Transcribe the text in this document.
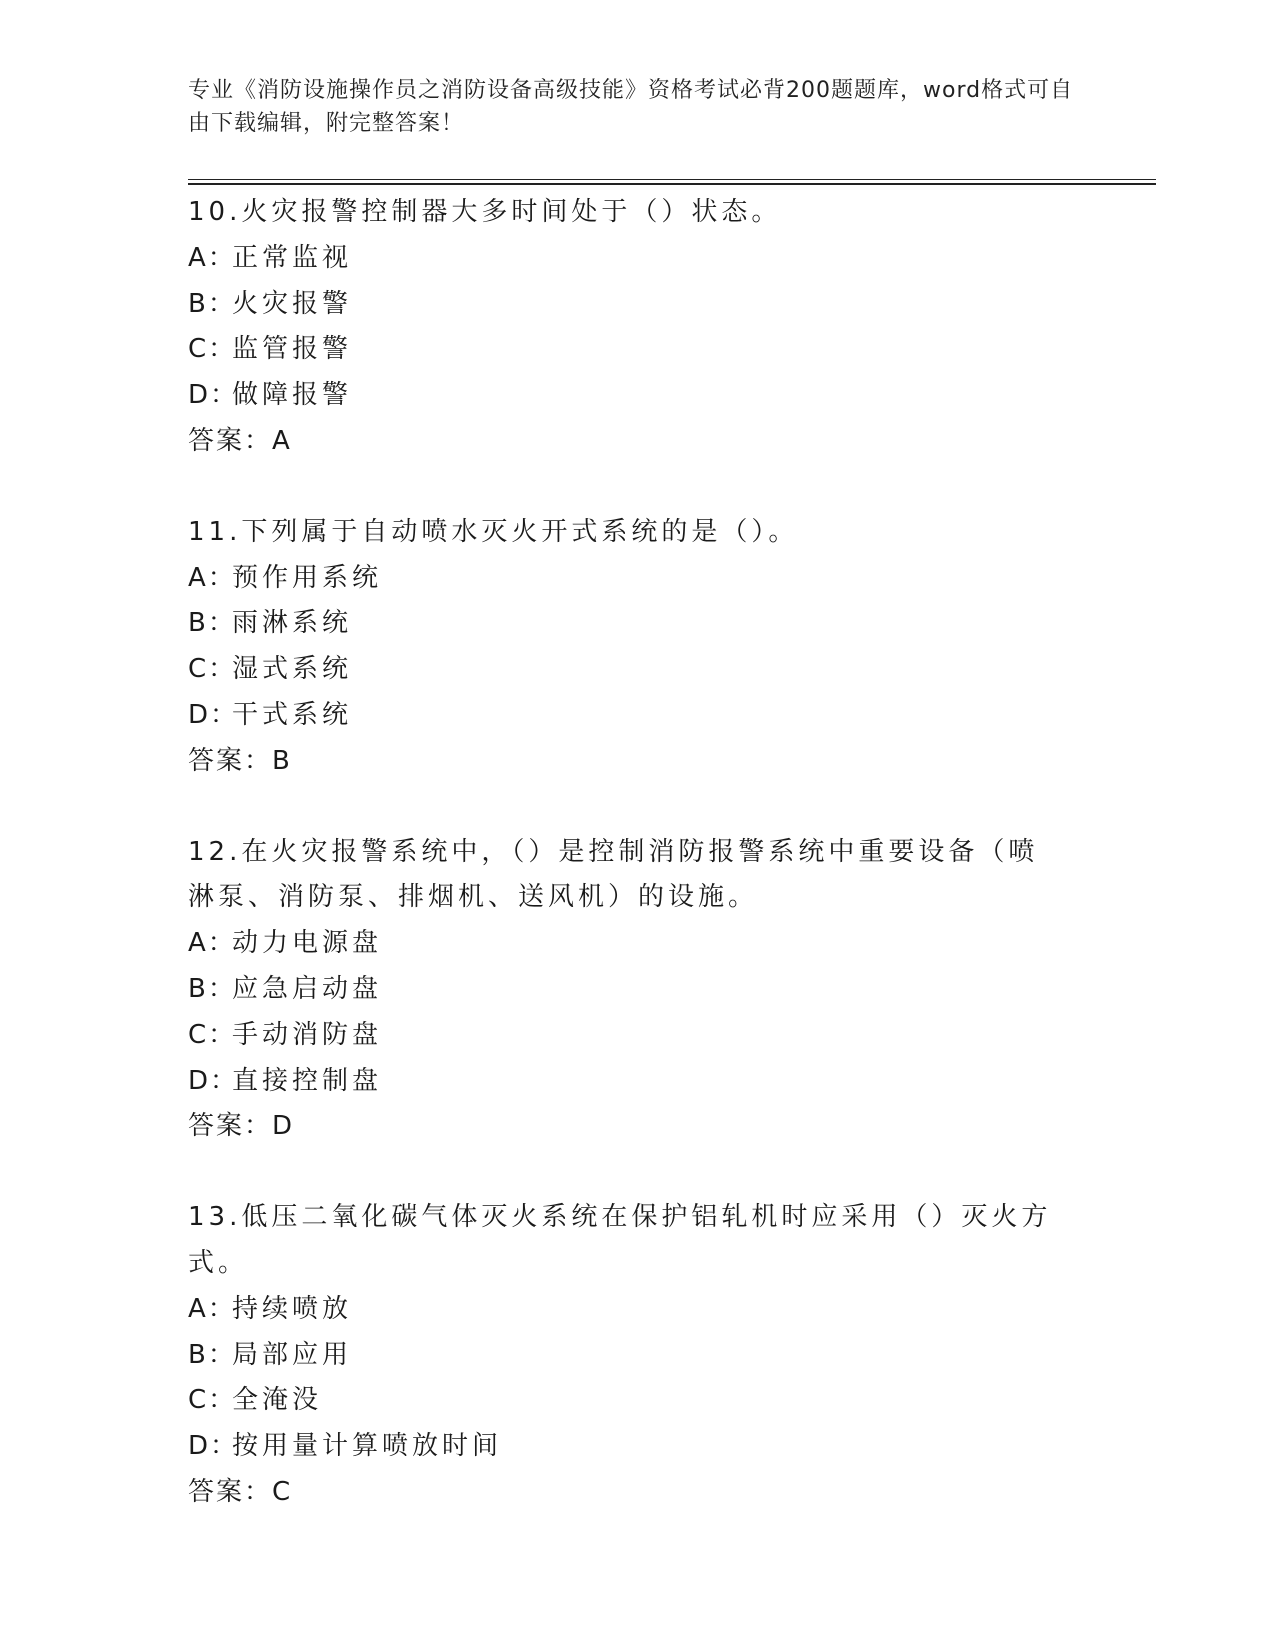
专业《消防设施操作员之消防设备高级技能》资格考试必背200题题库，word格式可自由下载编辑，附完整答案！
10.火灾报警控制器大多时间处于（）状态。
A：正常监视
B：火灾报警
C：监管报警
D：做障报警
答案：A
11.下列属于自动喷水灭火开式系统的是（）。
A：预作用系统
B：雨淋系统
C：湿式系统
D：干式系统
答案：B
12.在火灾报警系统中，（）是控制消防报警系统中重要设备（喷淋泵、消防泵、排烟机、送风机）的设施。
A：动力电源盘
B：应急启动盘
C：手动消防盘
D：直接控制盘
答案：D
13.低压二氧化碳气体灭火系统在保护铝轧机时应采用（）灭火方式。
A：持续喷放
B：局部应用
C：全淹没
D：按用量计算喷放时间
答案：C
